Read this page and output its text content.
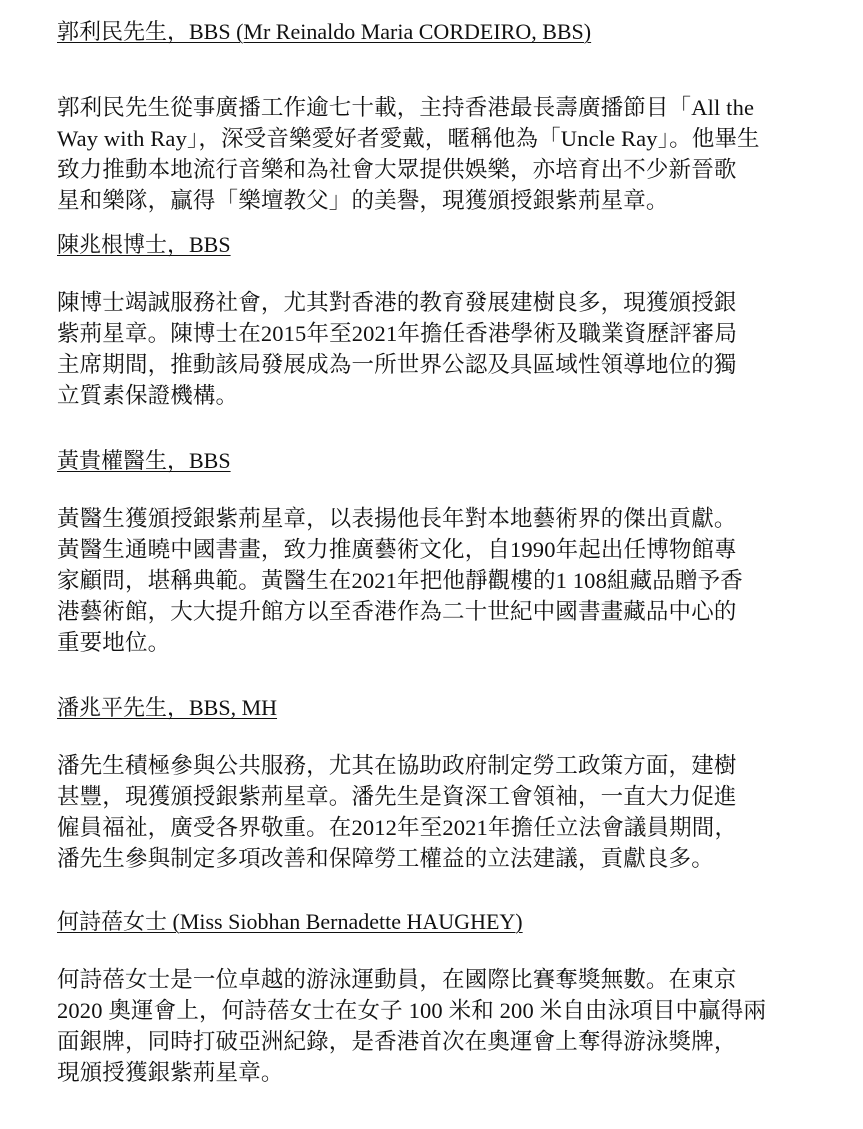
郭利民先生，BBS (Mr Reinaldo Maria CORDEIRO, BBS)

郭利民先生從事廣播工作逾七十載，主持香港最長壽廣播節目「All the
Way with Ray」，深受音樂愛好者愛戴，暱稱他為「Uncle Ray」。他畢生
致力推動本地流行音樂和為社會大眾提供娛樂，亦培育出不少新晉歌
星和樂隊，贏得「樂壇教父」的美譽，現獲頒授銀紫荊星章。

陳兆根博士，BBS

陳博士竭誠服務社會，尤其對香港的教育發展建樹良多，現獲頒授銀
紫荊星章。陳博士在2015年至2021年擔任香港學術及職業資歷評審局
主席期間，推動該局發展成為一所世界公認及具區域性領導地位的獨
立質素保證機構。

黃貴權醫生，BBS

黃醫生獲頒授銀紫荊星章，以表揚他長年對本地藝術界的傑出貢獻。
黃醫生通曉中國書畫，致力推廣藝術文化，自1990年起出任博物館專
家顧問，堪稱典範。黃醫生在2021年把他靜觀樓的1 108組藏品贈予香
港藝術館，大大提升館方以至香港作為二十世紀中國書畫藏品中心的
重要地位。

潘兆平先生，BBS, MH

潘先生積極參與公共服務，尤其在協助政府制定勞工政策方面，建樹
甚豐，現獲頒授銀紫荊星章。潘先生是資深工會領袖，一直大力促進
僱員福祉，廣受各界敬重。在2012年至2021年擔任立法會議員期間，
潘先生參與制定多項改善和保障勞工權益的立法建議，貢獻良多。

何詩蓓女士 (Miss Siobhan Bernadette HAUGHEY)

何詩蓓女士是一位卓越的游泳運動員，在國際比賽奪獎無數。在東京
2020 奧運會上，何詩蓓女士在女子 100 米和 200 米自由泳項目中贏得兩
面銀牌，同時打破亞洲紀錄，是香港首次在奧運會上奪得游泳獎牌，
現頒授獲銀紫荊星章。
